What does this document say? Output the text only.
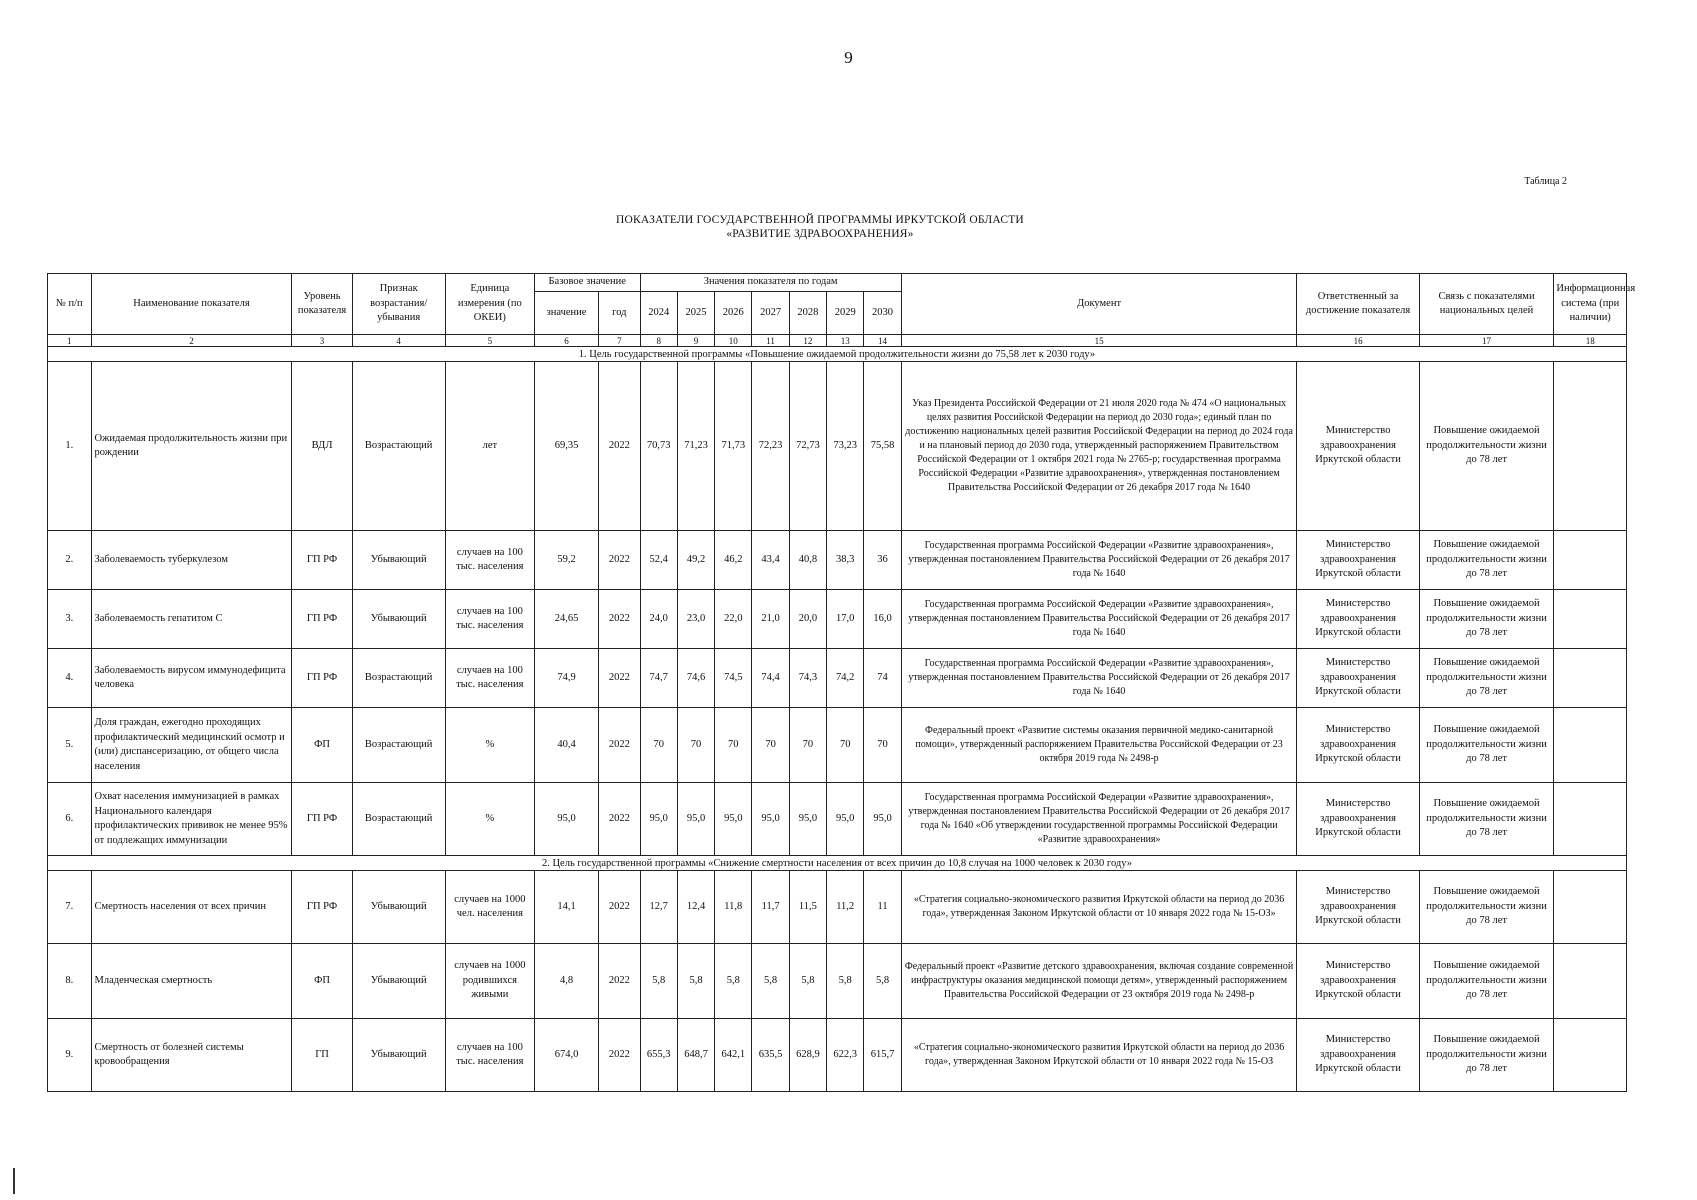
9
Таблица 2
ПОКАЗАТЕЛИ ГОСУДАРСТВЕННОЙ ПРОГРАММЫ ИРКУТСКОЙ ОБЛАСТИ
«РАЗВИТИЕ ЗДРАВООХРАНЕНИЯ»
№ п/п	Наименование показателя	Уровень показателя	Признак возрастания/ убывания	Единица измерения (по ОКЕИ)	Базовое значение		Значения показателя по годам							Документ	Ответственный за достижение показателя	Связь с показателями национальных целей	Информационная система (при наличии)
					значение	год	2024	2025	2026	2027	2028	2029	2030				
1	2	3	4	5	6	7	8	9	10	11	12	13	14	15	16	17	18
1. Цель государственной программы «Повышение ожидаемой продолжительности жизни до 75,58 лет к 2030 году»																	
1.	Ожидаемая продолжительность жизни при рождении	ВДЛ	Возрастающий	лет	69,35	2022	70,73	71,23	71,73	72,23	72,73	73,23	75,58	Указ Президента Российской Федерации от 21 июля 2020 года № 474 «О национальных целях развития Российской Федерации на период до 2030 года»; единый план по достижению национальных целей развития Российской Федерации на период до 2024 года и на плановый период до 2030 года, утвержденный распоряжением Правительством Российской Федерации от 1 октября 2021 года № 2765-р; государственная программа Российской Федерации «Развитие здравоохранения», утвержденная постановлением Правительства Российской Федерации от 26 декабря 2017 года № 1640	Министерство здравоохранения Иркутской области	Повышение ожидаемой продолжительности жизни до 78 лет	
2.	Заболеваемость туберкулезом	ГП РФ	Убывающий	случаев на 100 тыс. населения	59,2	2022	52,4	49,2	46,2	43,4	40,8	38,3	36	Государственная программа Российской Федерации «Развитие здравоохранения», утвержденная постановлением Правительства Российской Федерации от 26 декабря 2017 года № 1640	Министерство здравоохранения Иркутской области	Повышение ожидаемой продолжительности жизни до 78 лет	
3.	Заболеваемость гепатитом С	ГП РФ	Убывающий	случаев на 100 тыс. населения	24,65	2022	24,0	23,0	22,0	21,0	20,0	17,0	16,0	Государственная программа Российской Федерации «Развитие здравоохранения», утвержденная постановлением Правительства Российской Федерации от 26 декабря 2017 года № 1640	Министерство здравоохранения Иркутской области	Повышение ожидаемой продолжительности жизни до 78 лет	
4.	Заболеваемость вирусом иммунодефицита человека	ГП РФ	Возрастающий	случаев на 100 тыс. населения	74,9	2022	74,7	74,6	74,5	74,4	74,3	74,2	74	Государственная программа Российской Федерации «Развитие здравоохранения», утвержденная постановлением Правительства Российской Федерации от 26 декабря 2017 года № 1640	Министерство здравоохранения Иркутской области	Повышение ожидаемой продолжительности жизни до 78 лет	
5.	Доля граждан, ежегодно проходящих профилактический медицинский осмотр и (или) диспансеризацию, от общего числа населения	ФП	Возрастающий	%	40,4	2022	70	70	70	70	70	70	70	Федеральный проект «Развитие системы оказания первичной медико-санитарной помощи», утвержденный распоряжением Правительства Российской Федерации от 23 октября 2019 года № 2498-р	Министерство здравоохранения Иркутской области	Повышение ожидаемой продолжительности жизни до 78 лет	
6.	Охват населения иммунизацией в рамках Национального календаря профилактических прививок не менее 95% от подлежащих иммунизации	ГП РФ	Возрастающий	%	95,0	2022	95,0	95,0	95,0	95,0	95,0	95,0	95,0	Государственная программа Российской Федерации «Развитие здравоохранения», утвержденная постановлением Правительства Российской Федерации от 26 декабря 2017 года № 1640 «Об утверждении государственной программы Российской Федерации «Развитие здравоохранения»	Министерство здравоохранения Иркутской области	Повышение ожидаемой продолжительности жизни до 78 лет	
2. Цель государственной программы «Снижение смертности населения от всех причин до 10,8 случая на 1000 человек к 2030 году»																	
7.	Смертность населения от всех причин	ГП РФ	Убывающий	случаев на 1000 чел. населения	14,1	2022	12,7	12,4	11,8	11,7	11,5	11,2	11	«Стратегия социально-экономического развития Иркутской области на период до 2036 года», утвержденная Законом Иркутской области от 10 января 2022 года № 15-ОЗ»	Министерство здравоохранения Иркутской области	Повышение ожидаемой продолжительности жизни до 78 лет	
8.	Младенческая смертность	ФП	Убывающий	случаев на 1000 родившихся живыми	4,8	2022	5,8	5,8	5,8	5,8	5,8	5,8	5,8	Федеральный проект «Развитие детского здравоохранения, включая создание современной инфраструктуры оказания медицинской помощи детям», утвержденный распоряжением Правительства Российской Федерации от 23 октября 2019 года № 2498-р	Министерство здравоохранения Иркутской области	Повышение ожидаемой продолжительности жизни до 78 лет	
9.	Смертность от болезней системы кровообращения	ГП	Убывающий	случаев на 100 тыс. населения	674,0	2022	655,3	648,7	642,1	635,5	628,9	622,3	615,7	«Стратегия социально-экономического развития Иркутской области на период до 2036 года», утвержденная Законом Иркутской области от 10 января 2022 года № 15-ОЗ	Министерство здравоохранения Иркутской области	Повышение ожидаемой продолжительности жизни до 78 лет	
